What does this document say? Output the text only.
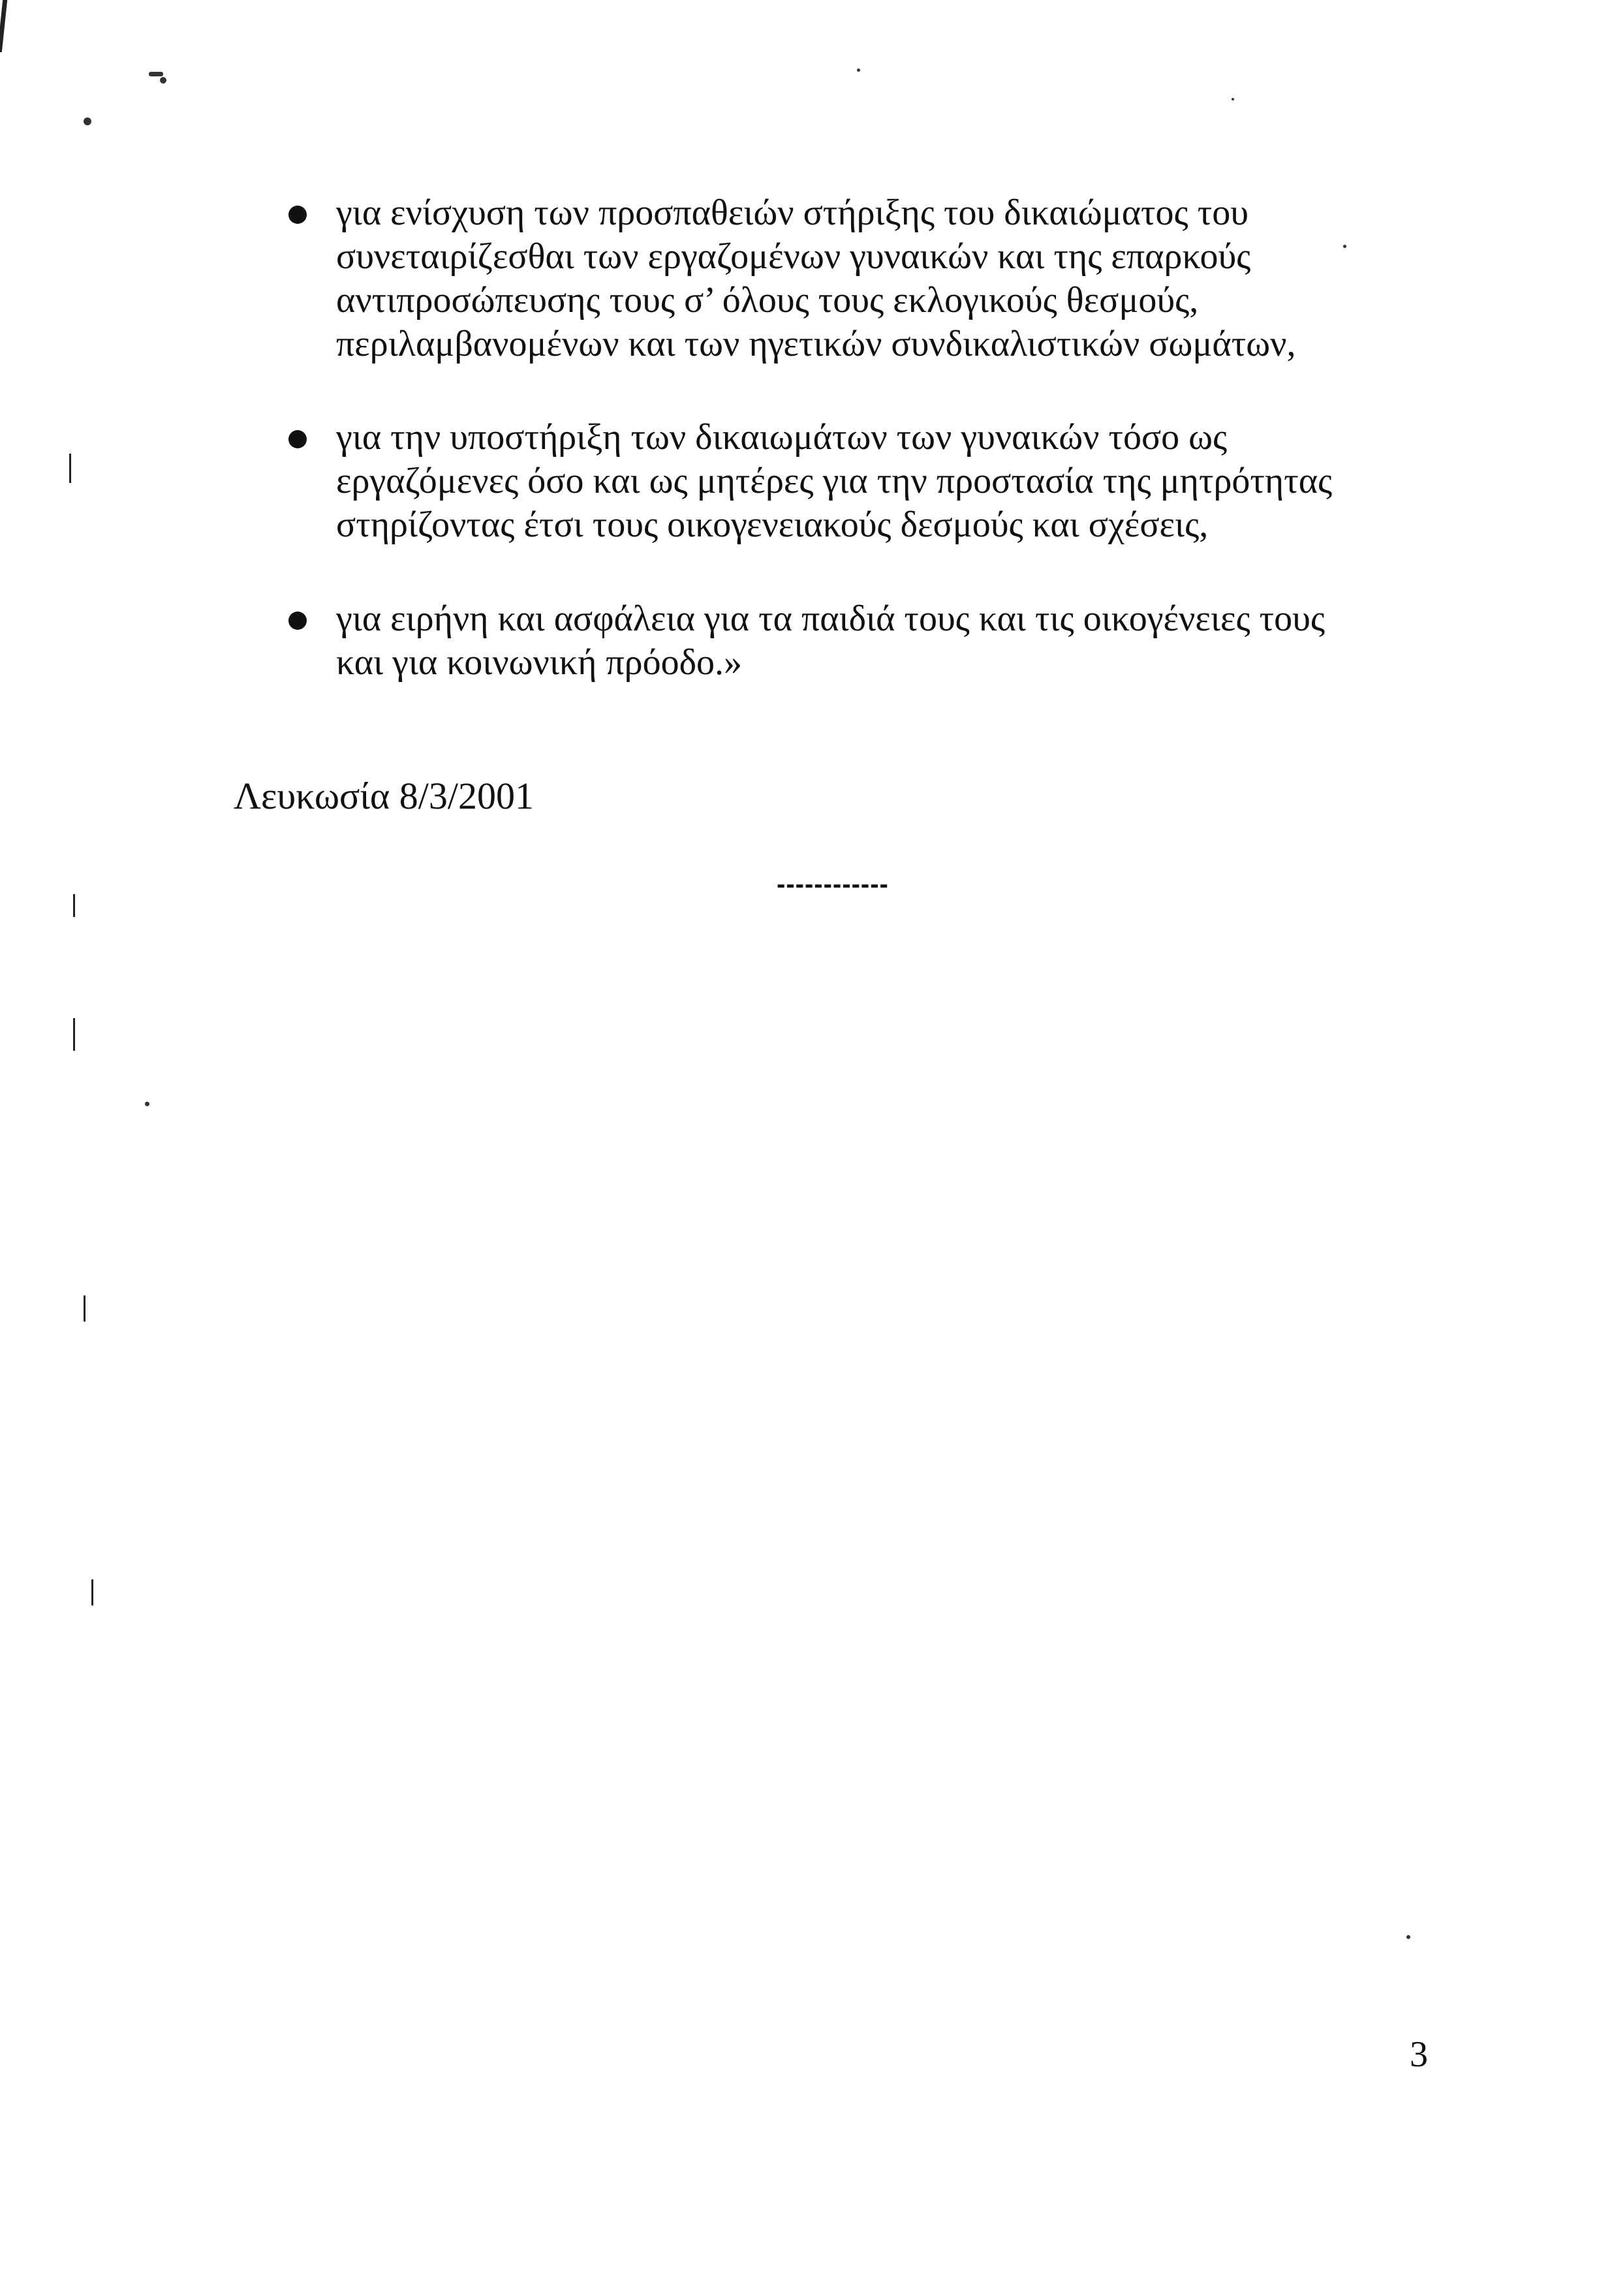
για ενίσχυση των προσπαθειών στήριξης του δικαιώματος του
συνεταιρίζεσθαι των εργαζομένων γυναικών και της επαρκούς
αντιπροσώπευσης τους σ’ όλους τους εκλογικούς θεσμούς,
περιλαμβανομένων και των ηγετικών συνδικαλιστικών σωμάτων,
για την υποστήριξη των δικαιωμάτων των γυναικών τόσο ως
εργαζόμενες όσο και ως μητέρες για την προστασία της μητρότητας
στηρίζοντας έτσι τους οικογενειακούς δεσμούς και σχέσεις,
για ειρήνη και ασφάλεια για τα παιδιά τους και τις οικογένειες τους
και για κοινωνική πρόοδο.»
Λευκωσία 8/3/2001
------------
3
